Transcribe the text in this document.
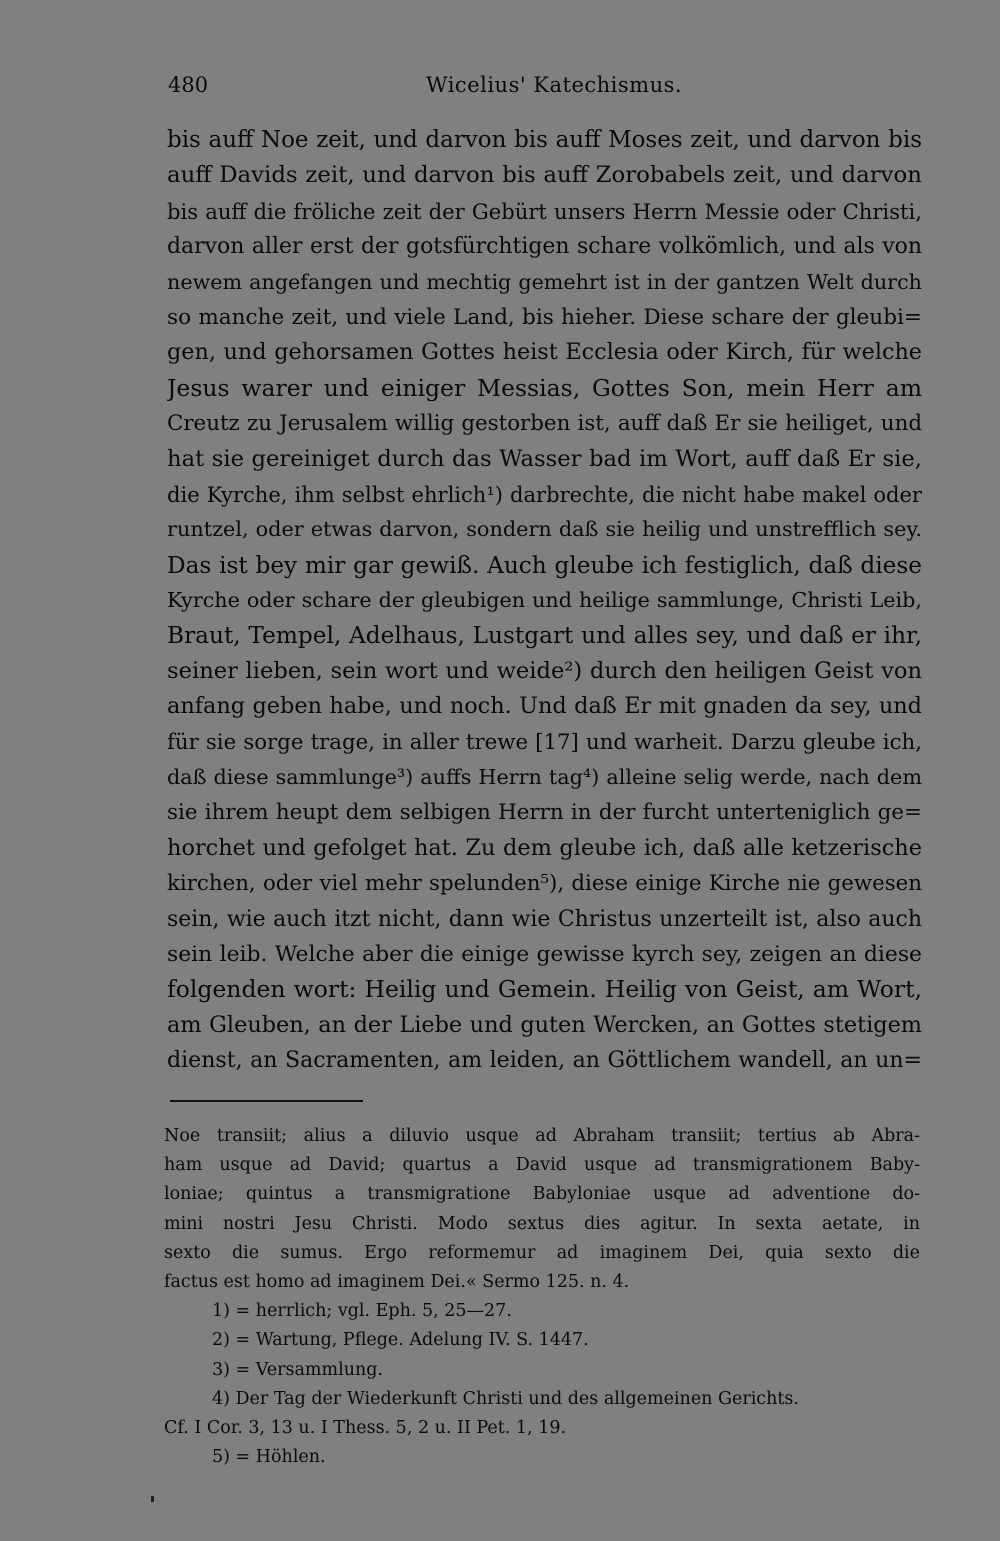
480	Wicelius' Katechismus.
bis auff Noe zeit, und darvon bis auff Moses zeit, und darvon bis
auff Davids zeit, und darvon bis auff Zorobabels zeit, und darvon
bis auff die fröliche zeit der Gebürt unsers Herrn Messie oder Christi,
darvon aller erst der gotsfürchtigen schare volkömlich, und als von
newem angefangen und mechtig gemehrt ist in der gantzen Welt durch
so manche zeit, und viele Land, bis hieher. Diese schare der gleubi=
gen, und gehorsamen Gottes heist Ecclesia oder Kirch, für welche
Jesus warer und einiger Messias, Gottes Son, mein Herr am
Creutz zu Jerusalem willig gestorben ist, auff daß Er sie heiliget, und
hat sie gereiniget durch das Wasser bad im Wort, auff daß Er sie,
die Kyrche, ihm selbst ehrlich¹) darbrechte, die nicht habe makel oder
runtzel, oder etwas darvon, sondern daß sie heilig und unstrefflich sey.
Das ist bey mir gar gewiß. Auch gleube ich festiglich, daß diese
Kyrche oder schare der gleubigen und heilige sammlunge, Christi Leib,
Braut, Tempel, Adelhaus, Lustgart und alles sey, und daß er ihr,
seiner lieben, sein wort und weide²) durch den heiligen Geist von
anfang geben habe, und noch. Und daß Er mit gnaden da sey, und
für sie sorge trage, in aller trewe [17] und warheit. Darzu gleube ich,
daß diese sammlunge³) auffs Herrn tag⁴) alleine selig werde, nach dem
sie ihrem heupt dem selbigen Herrn in der furcht unterteniglich ge=
horchet und gefolget hat. Zu dem gleube ich, daß alle ketzerische
kirchen, oder viel mehr spelunden⁵), diese einige Kirche nie gewesen
sein, wie auch itzt nicht, dann wie Christus unzerteilt ist, also auch
sein leib. Welche aber die einige gewisse kyrch sey, zeigen an diese
folgenden wort: Heilig und Gemein. Heilig von Geist, am Wort,
am Gleuben, an der Liebe und guten Wercken, an Gottes stetigem
dienst, an Sacramenten, am leiden, an Göttlichem wandell, an un=
Noe transiit; alius a diluvio usque ad Abraham transiit; tertius ab Abra-
ham usque ad David; quartus a David usque ad transmigrationem Baby-
loniae; quintus a transmigratione Babyloniae usque ad adventione do-
mini nostri Jesu Christi. Modo sextus dies agitur. In sexta aetate, in
sexto die sumus. Ergo reformemur ad imaginem Dei, quia sexto die
factus est homo ad imaginem Dei.« Sermo 125. n. 4.
1) = herrlich; vgl. Eph. 5, 25—27.
2) = Wartung, Pflege. Adelung IV. S. 1447.
3) = Versammlung.
4) Der Tag der Wiederkunft Christi und des allgemeinen Gerichts.
Cf. I Cor. 3, 13 u. I Thess. 5, 2 u. II Pet. 1, 19.
5) = Höhlen.
